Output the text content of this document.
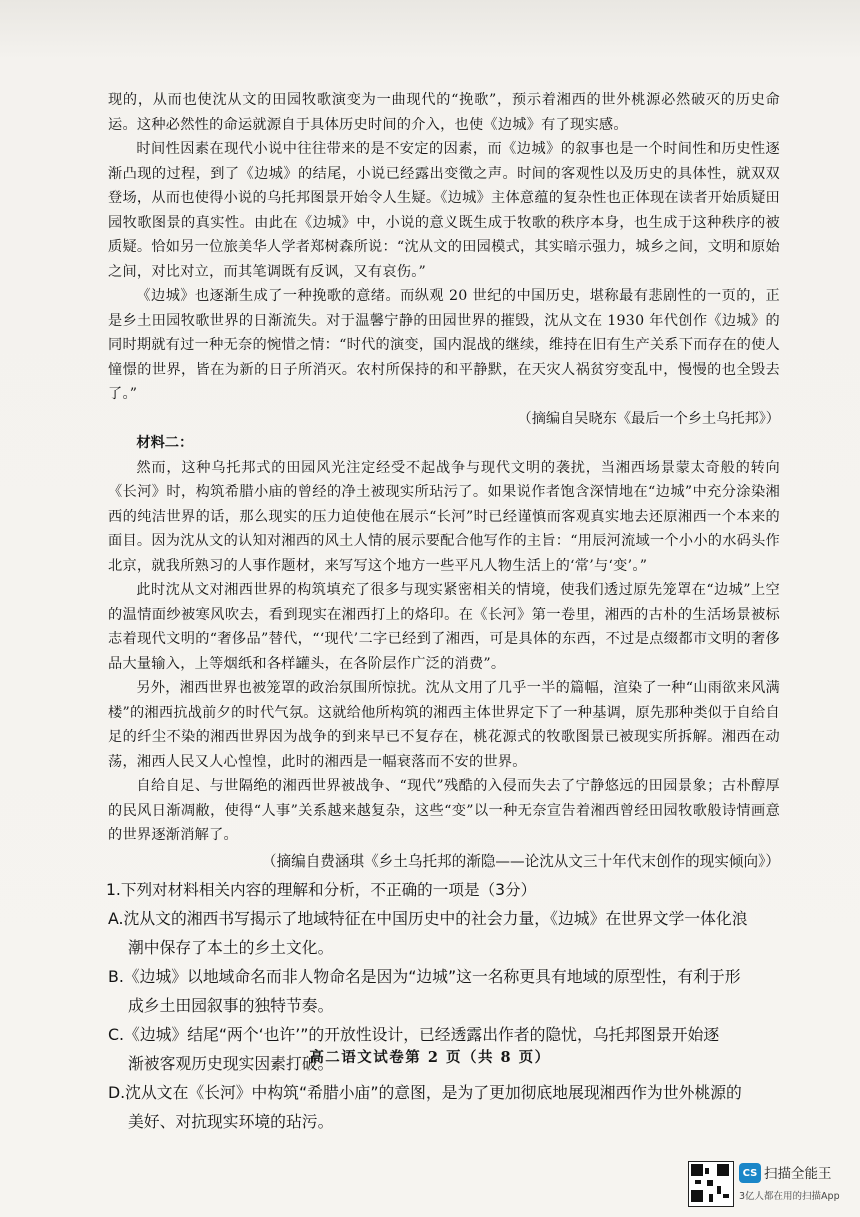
现的，从而也使沈从文的田园牧歌演变为一曲现代的“挽歌”，预示着湘西的世外桃源必然破灭的历史命运。这种必然性的命运就源自于具体历史时间的介入，也使《边城》有了现实感。

时间性因素在现代小说中往往带来的是不安定的因素，而《边城》的叙事也是一个时间性和历史性逐渐凸现的过程，到了《边城》的结尾，小说已经露出变徵之声。时间的客观性以及历史的具体性，就双双登场，从而也使得小说的乌托邦图景开始令人生疑。《边城》主体意蕴的复杂性也正体现在读者开始质疑田园牧歌图景的真实性。由此在《边城》中，小说的意义既生成于牧歌的秩序本身，也生成于这种秩序的被质疑。恰如另一位旅美华人学者郑树森所说：“沈从文的田园模式，其实暗示强力，城乡之间，文明和原始之间，对比对立，而其笔调既有反讽，又有哀伤。”

《边城》也逐渐生成了一种挽歌的意绪。而纵观 20 世纪的中国历史，堪称最有悲剧性的一页的，正是乡土田园牧歌世界的日渐流失。对于温馨宁静的田园世界的摧毁，沈从文在 1930 年代创作《边城》的同时期就有过一种无奈的惋惜之情：“时代的演变，国内混战的继续，维持在旧有生产关系下而存在的使人憧憬的世界，皆在为新的日子所消灭。农村所保持的和平静默，在天灾人祸贫穷变乱中，慢慢的也全毁去了。”

（摘编自吴晓东《最后一个乡土乌托邦》）

材料二：

然而，这种乌托邦式的田园风光注定经受不起战争与现代文明的袭扰，当湘西场景蒙太奇般的转向《长河》时，构筑希腊小庙的曾经的净土被现实所玷污了。如果说作者饱含深情地在“边城”中充分涂染湘西的纯洁世界的话，那么现实的压力迫使他在展示“长河”时已经谨慎而客观真实地去还原湘西一个本来的面目。因为沈从文的认知对湘西的风土人情的展示要配合他写作的主旨：“用辰河流域一个小小的水码头作北京，就我所熟习的人事作题材，来写写这个地方一些平凡人物生活上的‘常’与‘变’。”

此时沈从文对湘西世界的构筑填充了很多与现实紧密相关的情境，使我们透过原先笼罩在“边城”上空的温情面纱被寒风吹去，看到现实在湘西打上的烙印。在《长河》第一卷里，湘西的古朴的生活场景被标志着现代文明的“奢侈品”替代，“‘现代’二字已经到了湘西，可是具体的东西，不过是点缀都市文明的奢侈品大量输入，上等烟纸和各样罐头，在各阶层作广泛的消费”。

另外，湘西世界也被笼罩的政治氛围所惊扰。沈从文用了几乎一半的篇幅，渲染了一种“山雨欲来风满楼”的湘西抗战前夕的时代气氛。这就给他所构筑的湘西主体世界定下了一种基调，原先那种类似于自给自足的纤尘不染的湘西世界因为战争的到来早已不复存在，桃花源式的牧歌图景已被现实所拆解。湘西在动荡，湘西人民又人心惶惶，此时的湘西是一幅衰落而不安的世界。

自给自足、与世隔绝的湘西世界被战争、“现代”残酷的入侵而失去了宁静悠远的田园景象；古朴醇厚的民风日渐凋敝，使得“人事”关系越来越复杂，这些“变”以一种无奈宣告着湘西曾经田园牧歌般诗情画意的世界逐渐消解了。

（摘编自费涵琪《乡土乌托邦的渐隐——论沈从文三十年代末创作的现实倾向》）

1.下列对材料相关内容的理解和分析，不正确的一项是（3分）

A.沈从文的湘西书写揭示了地域特征在中国历史中的社会力量，《边城》在世界文学一体化浪

潮中保存了本土的乡土文化。

B.《边城》以地域命名而非人物命名是因为“边城”这一名称更具有地域的原型性，有利于形

成乡土田园叙事的独特节奏。

C.《边城》结尾“两个‘也许’”的开放性设计，已经透露出作者的隐忧，乌托邦图景开始逐

渐被客观历史现实因素打破。

D.沈从文在《长河》中构筑“希腊小庙”的意图，是为了更加彻底地展现湘西作为世外桃源的

美好、对抗现实环境的玷污。

高二语文试卷第 2 页（共 8 页）
CS 扫描全能王
3亿人都在用的扫描App
